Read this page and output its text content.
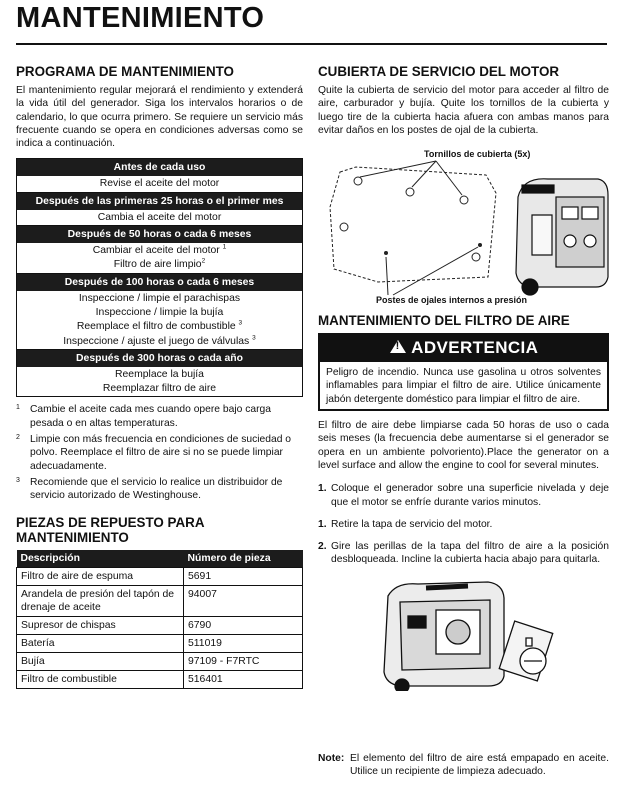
MANTENIMIENTO
PROGRAMA DE MANTENIMIENTO

El mantenimiento regular mejorará el rendimiento y extenderá la vida útil del generador. Siga los intervalos horarios o de calendario, lo que ocurra primero. Se requiere un servicio más frecuente cuando se opera en condiciones adversas como se indica a continuación.

Antes de cada uso
Revise el aceite del motor
Después de las primeras 25 horas o el primer mes
Cambia el aceite del motor
Después de 50 horas o cada 6 meses
Cambiar el aceite del motor $^1$
Filtro de aire limpio$^2$
Después de 100 horas o cada 6 meses
Inspeccione / limpie el parachispas
Inspeccione / limpie la bujía
Reemplace el filtro de combustible $^3$
Inspeccione / ajuste el juego de válvulas $^3$
Después de 300 horas o cada año
Reemplace la bujía
Reemplazar filtro de aire
1 Cambie el aceite cada mes cuando opere bajo carga pesada o en altas temperaturas.
2 Limpie con más frecuencia en condiciones de suciedad o polvo. Reemplace el filtro de aire si no se puede limpiar adecuadamente.
3 Recomiende que el servicio lo realice un distribuidor de servicio autorizado de Westinghouse.
PIEZAS DE REPUESTO PARA MANTENIMIENTO
Descripción	Número de pieza
Filtro de aire de espuma	5691
Arandela de presión del tapón de drenaje de aceite	94007
Supresor de chispas	6790
Batería	511019
Bujía	97109 - F7RTC
Filtro de combustible	516401
CUBIERTA DE SERVICIO DEL MOTOR

Quite la cubierta de servicio del motor para acceder al filtro de aire, carburador y bujía. Quite los tornillos de la cubierta y luego tire de la cubierta hacia afuera con ambas manos para evitar daños en los postes de ojal de la cubierta.

Tornillos de cubierta (5x)
Postes de ojales internos a presión
MANTENIMIENTO DEL FILTRO DE AIRE
! ADVERTENCIA
Peligro de incendio. Nunca use gasolina u otros solventes inflamables para limpiar el filtro de aire. Utilice únicamente jabón detergente doméstico para limpiar el filtro de aire.

El filtro de aire debe limpiarse cada 50 horas de uso o cada seis meses (la frecuencia debe aumentarse si el generador se opera en un ambiente polvoriento).Place the generator on a level surface and allow the engine to cool for several minutes.

1. Coloque el generador sobre una superficie nivelada y deje que el motor se enfríe durante varios minutos.
1. Retire la tapa de servicio del motor.
2. Gire las perillas de la tapa del filtro de aire a la posición desbloqueada. Incline la cubierta hacia abajo para quitarla.
Note: El elemento del filtro de aire está empapado en aceite. Utilice un recipiente de limpieza adecuado.
